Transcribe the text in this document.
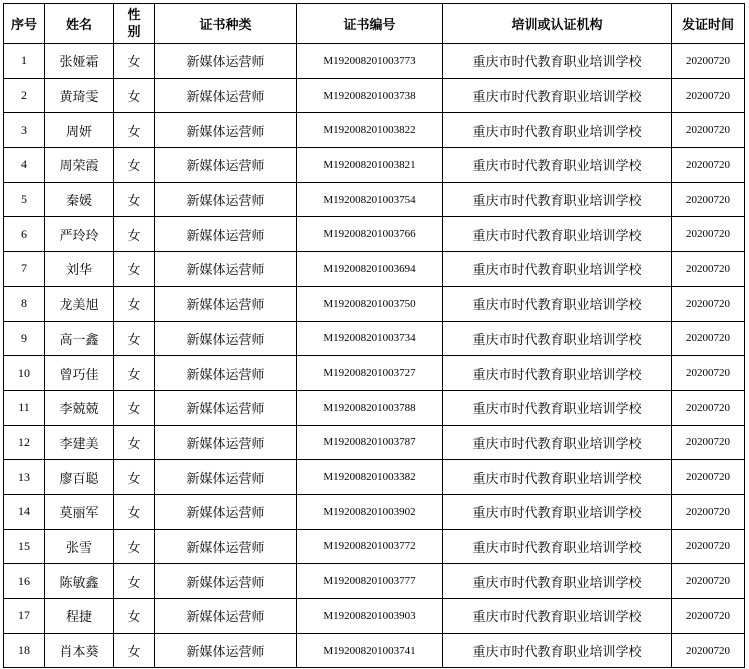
序号	姓名	性别	证书种类	证书编号	培训或认证机构	发证时间
1	张娅霜	女	新媒体运营师	M192008201003773	重庆市时代教育职业培训学校	20200720
2	黄琦雯	女	新媒体运营师	M192008201003738	重庆市时代教育职业培训学校	20200720
3	周妍	女	新媒体运营师	M192008201003822	重庆市时代教育职业培训学校	20200720
4	周荣霞	女	新媒体运营师	M192008201003821	重庆市时代教育职业培训学校	20200720
5	秦媛	女	新媒体运营师	M192008201003754	重庆市时代教育职业培训学校	20200720
6	严玲玲	女	新媒体运营师	M192008201003766	重庆市时代教育职业培训学校	20200720
7	刘华	女	新媒体运营师	M192008201003694	重庆市时代教育职业培训学校	20200720
8	龙美旭	女	新媒体运营师	M192008201003750	重庆市时代教育职业培训学校	20200720
9	高一鑫	女	新媒体运营师	M192008201003734	重庆市时代教育职业培训学校	20200720
10	曾巧佳	女	新媒体运营师	M192008201003727	重庆市时代教育职业培训学校	20200720
11	李兢兢	女	新媒体运营师	M192008201003788	重庆市时代教育职业培训学校	20200720
12	李建美	女	新媒体运营师	M192008201003787	重庆市时代教育职业培训学校	20200720
13	廖百聪	女	新媒体运营师	M192008201003382	重庆市时代教育职业培训学校	20200720
14	莫丽军	女	新媒体运营师	M192008201003902	重庆市时代教育职业培训学校	20200720
15	张雪	女	新媒体运营师	M192008201003772	重庆市时代教育职业培训学校	20200720
16	陈敏鑫	女	新媒体运营师	M192008201003777	重庆市时代教育职业培训学校	20200720
17	程捷	女	新媒体运营师	M192008201003903	重庆市时代教育职业培训学校	20200720
18	肖本葵	女	新媒体运营师	M192008201003741	重庆市时代教育职业培训学校	20200720
